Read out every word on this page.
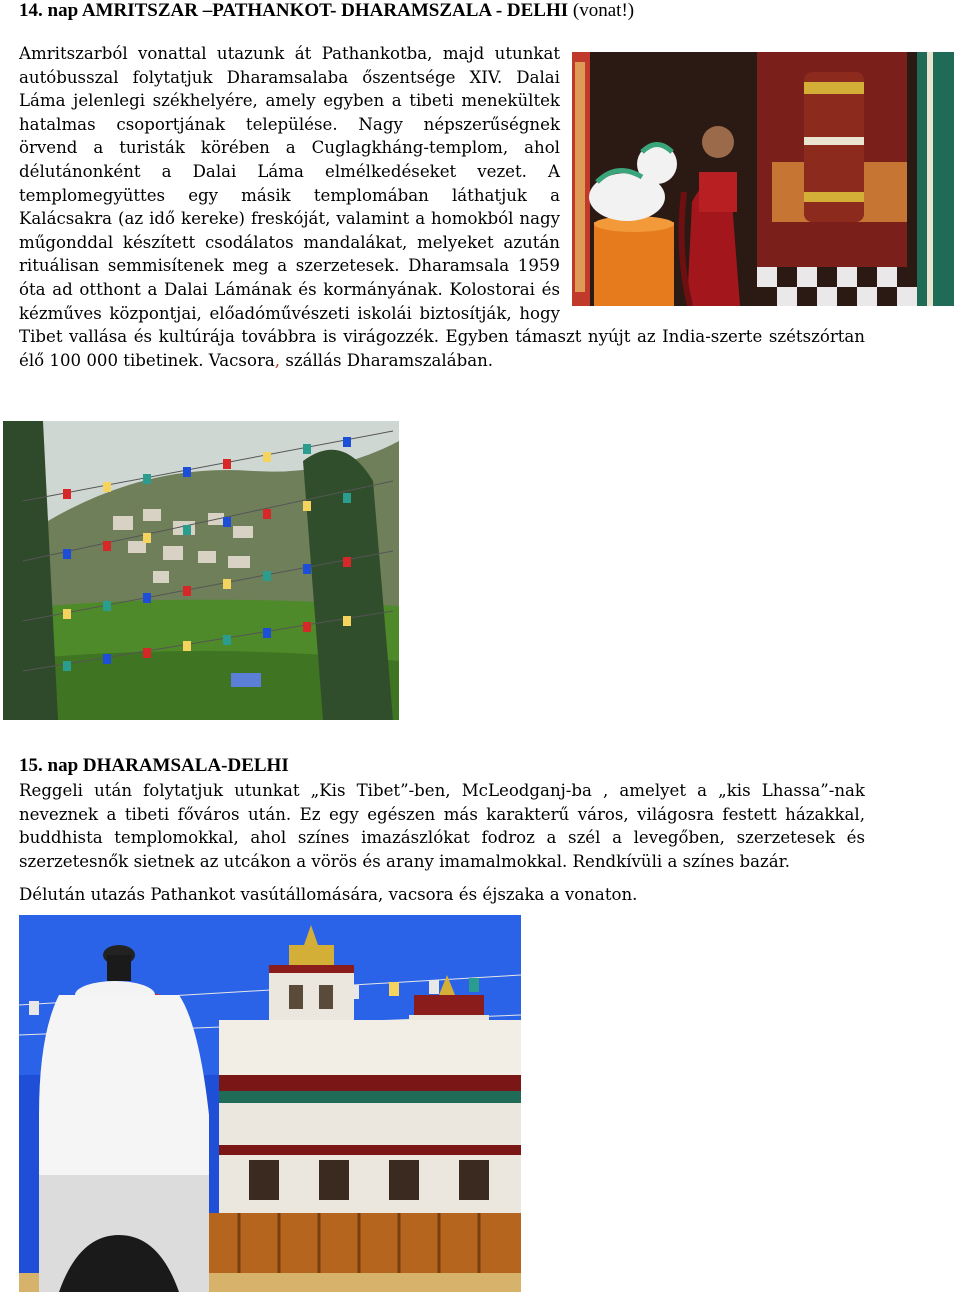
14. nap AMRITSZAR –PATHANKOT- DHARAMSZALA - DELHI (vonat!)
Amritszarból vonattal utazunk át Pathankotba, majd utunkat autóbusszal folytatjuk Dharamsalaba őszentsége XIV. Dalai Láma jelenlegi székhelyére, amely egyben a tibeti menekültek hatalmas csoportjának települése. Nagy népszerűségnek örvend a turisták körében a Cuglagkháng-templom, ahol délutánonként a Dalai Láma elmélkedéseket vezet. A templomegyüttes egy másik templomában láthatjuk a Kalácsakra (az idő kereke) freskóját, valamint a homokból nagy műgonddal készített csodálatos mandalákat, melyeket azután rituálisan semmisítenek meg a szerzetesek. Dharamsala 1959 óta ad otthont a Dalai Lámának és kormányának. Kolostorai és kézműves központjai, előadóművészeti iskolái biztosítják, hogy Tibet vallása és kultúrája továbbra is virágozzék. Egyben támaszt nyújt az India-szerte szétszórtan élő 100 000 tibetinek. Vacsora, szállás Dharamszalában.
15. nap DHARAMSALA-DELHI

Reggeli után folytatjuk utunkat „Kis Tibet”-ben, McLeodganj-ba , amelyet a „kis Lhassa”-nak neveznek a tibeti főváros után. Ez egy egészen más karakterű város, világosra festett házakkal, buddhista templomokkal, ahol színes imazászlókat fodroz a szél a levegőben, szerzetesek és szerzetesnők sietnek az utcákon a vörös és arany imamalmokkal. Rendkívüli a színes bazár.

Délután utazás Pathankot vasútállomására, vacsora és éjszaka a vonaton.
